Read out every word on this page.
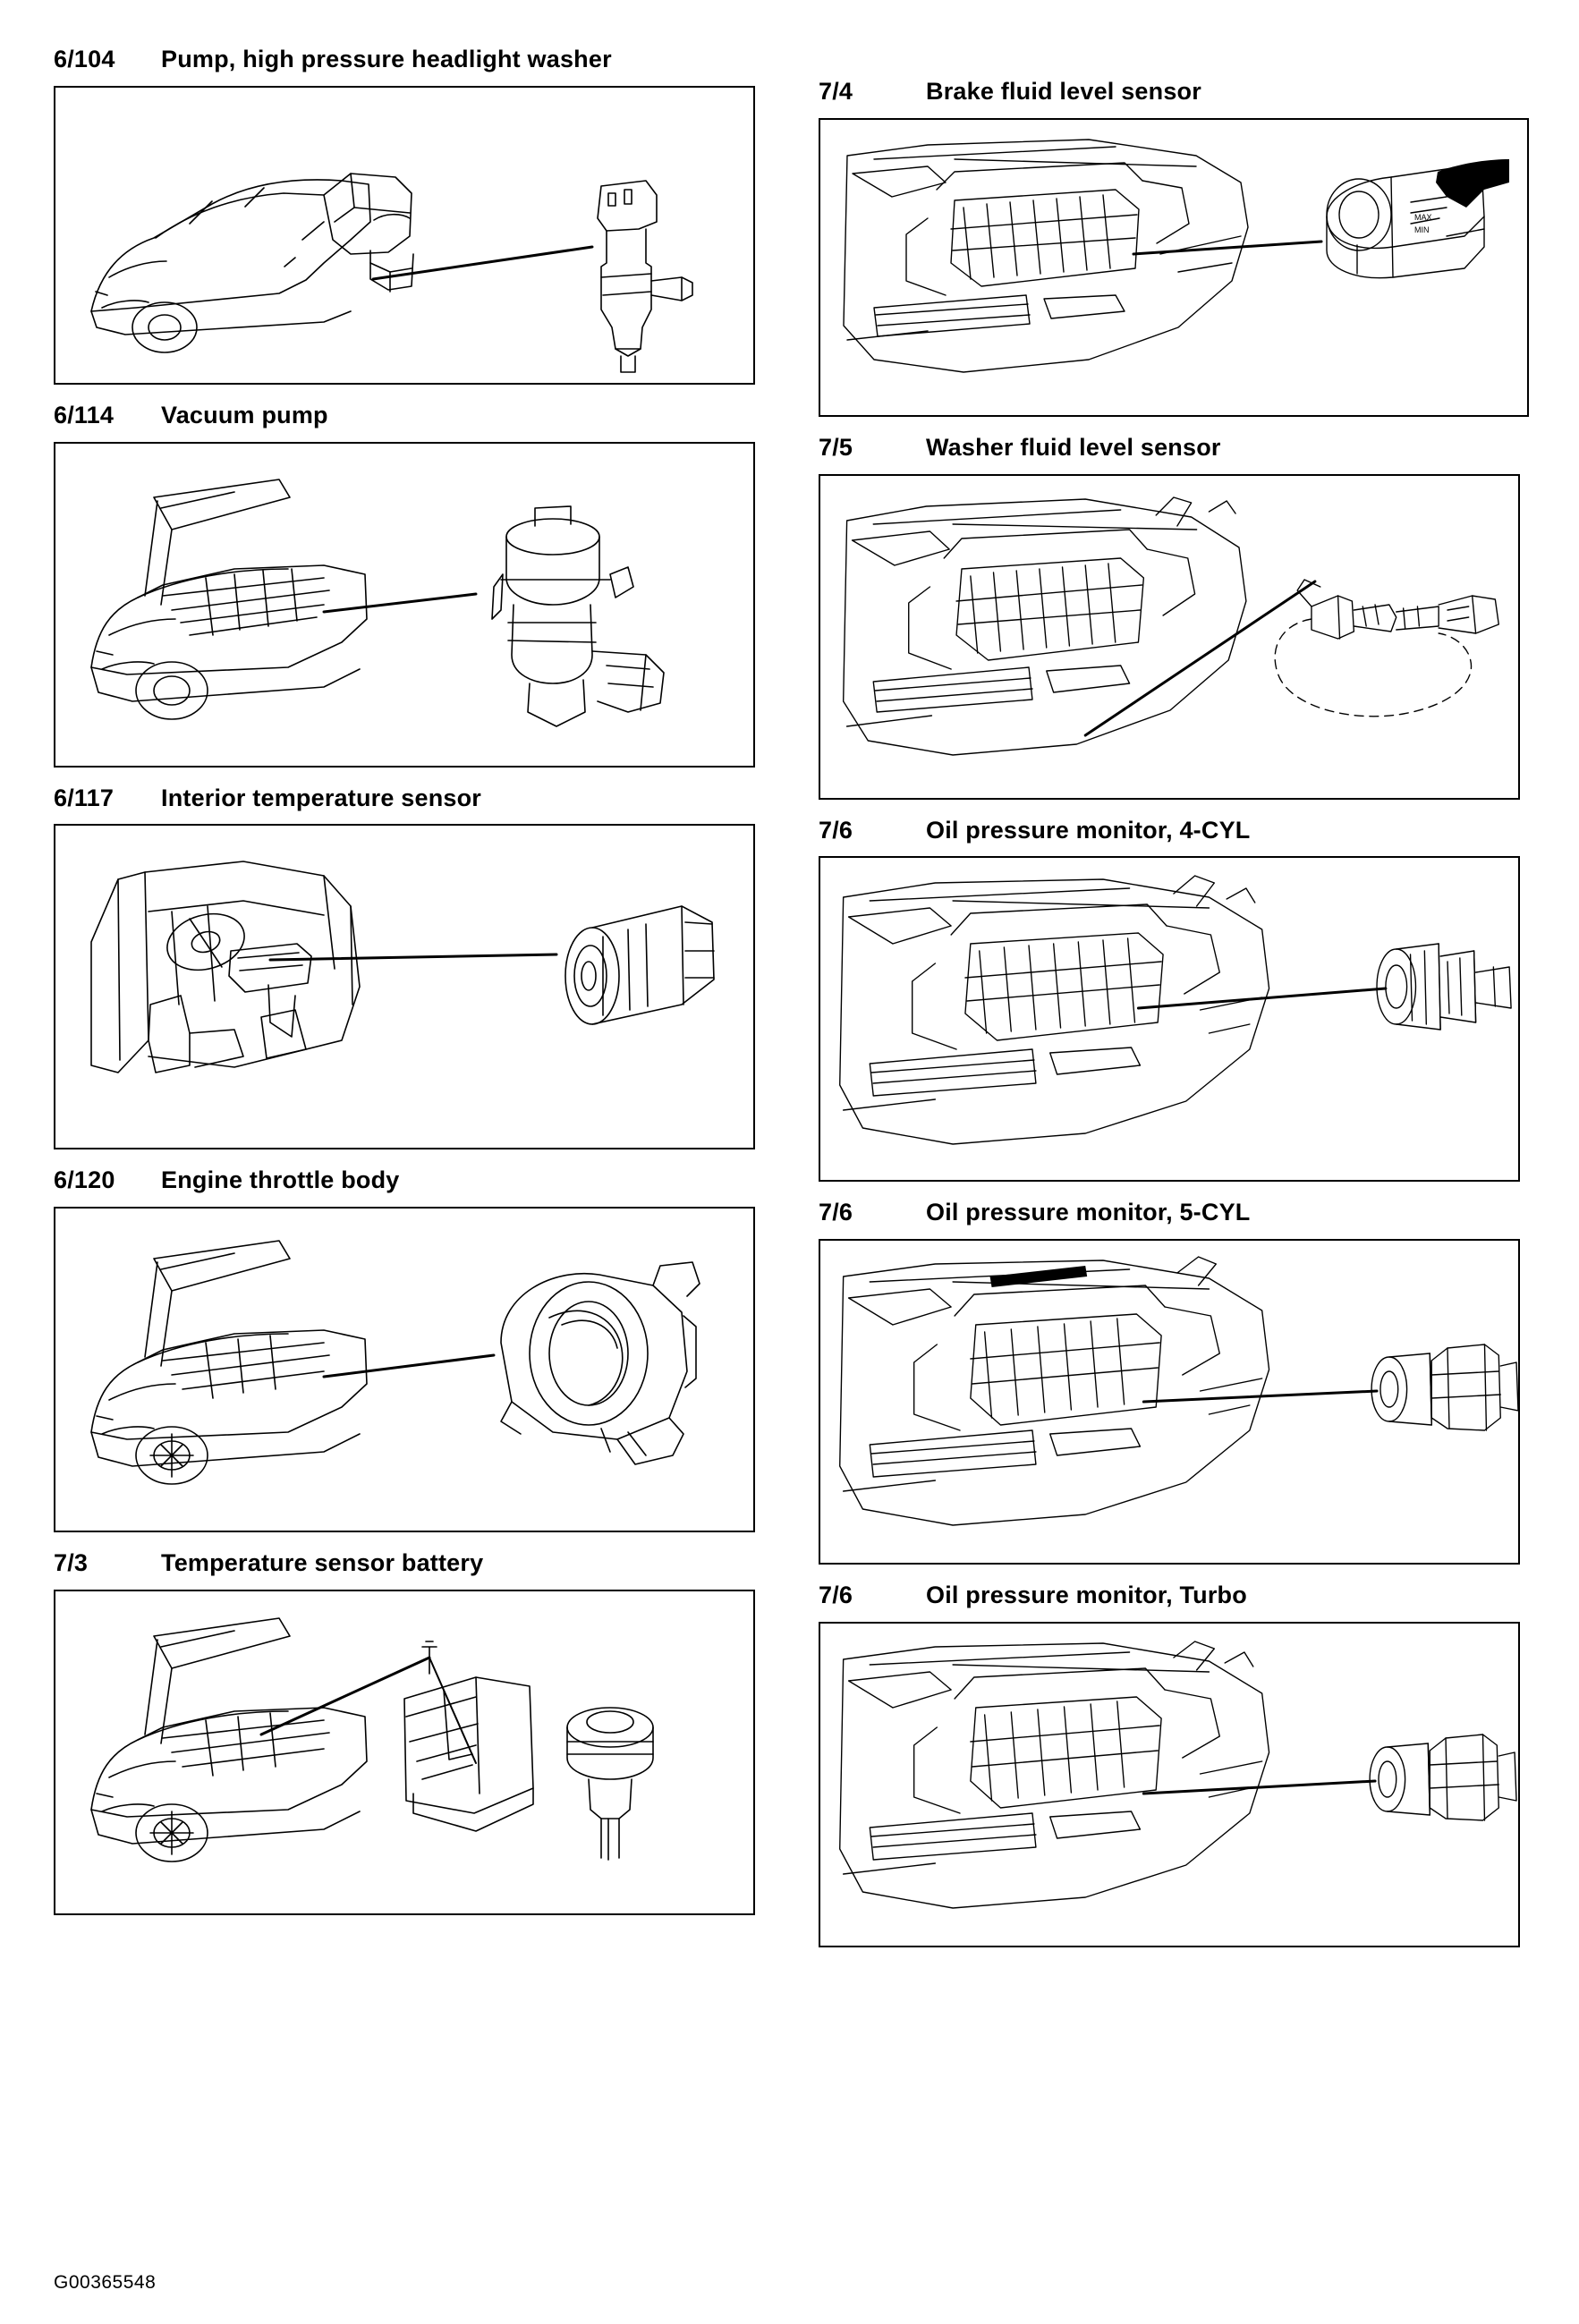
6/104	Pump, high pressure headlight washer
6/114	Vacuum pump
6/117	Interior temperature sensor
6/120	Engine throttle body
7/3	Temperature sensor battery
7/4	Brake fluid level sensor
MAX
MIN
7/5	Washer fluid level sensor
7/6	Oil pressure monitor, 4-CYL
7/6	Oil pressure monitor, 5-CYL
7/6	Oil pressure monitor, Turbo
G00365548
